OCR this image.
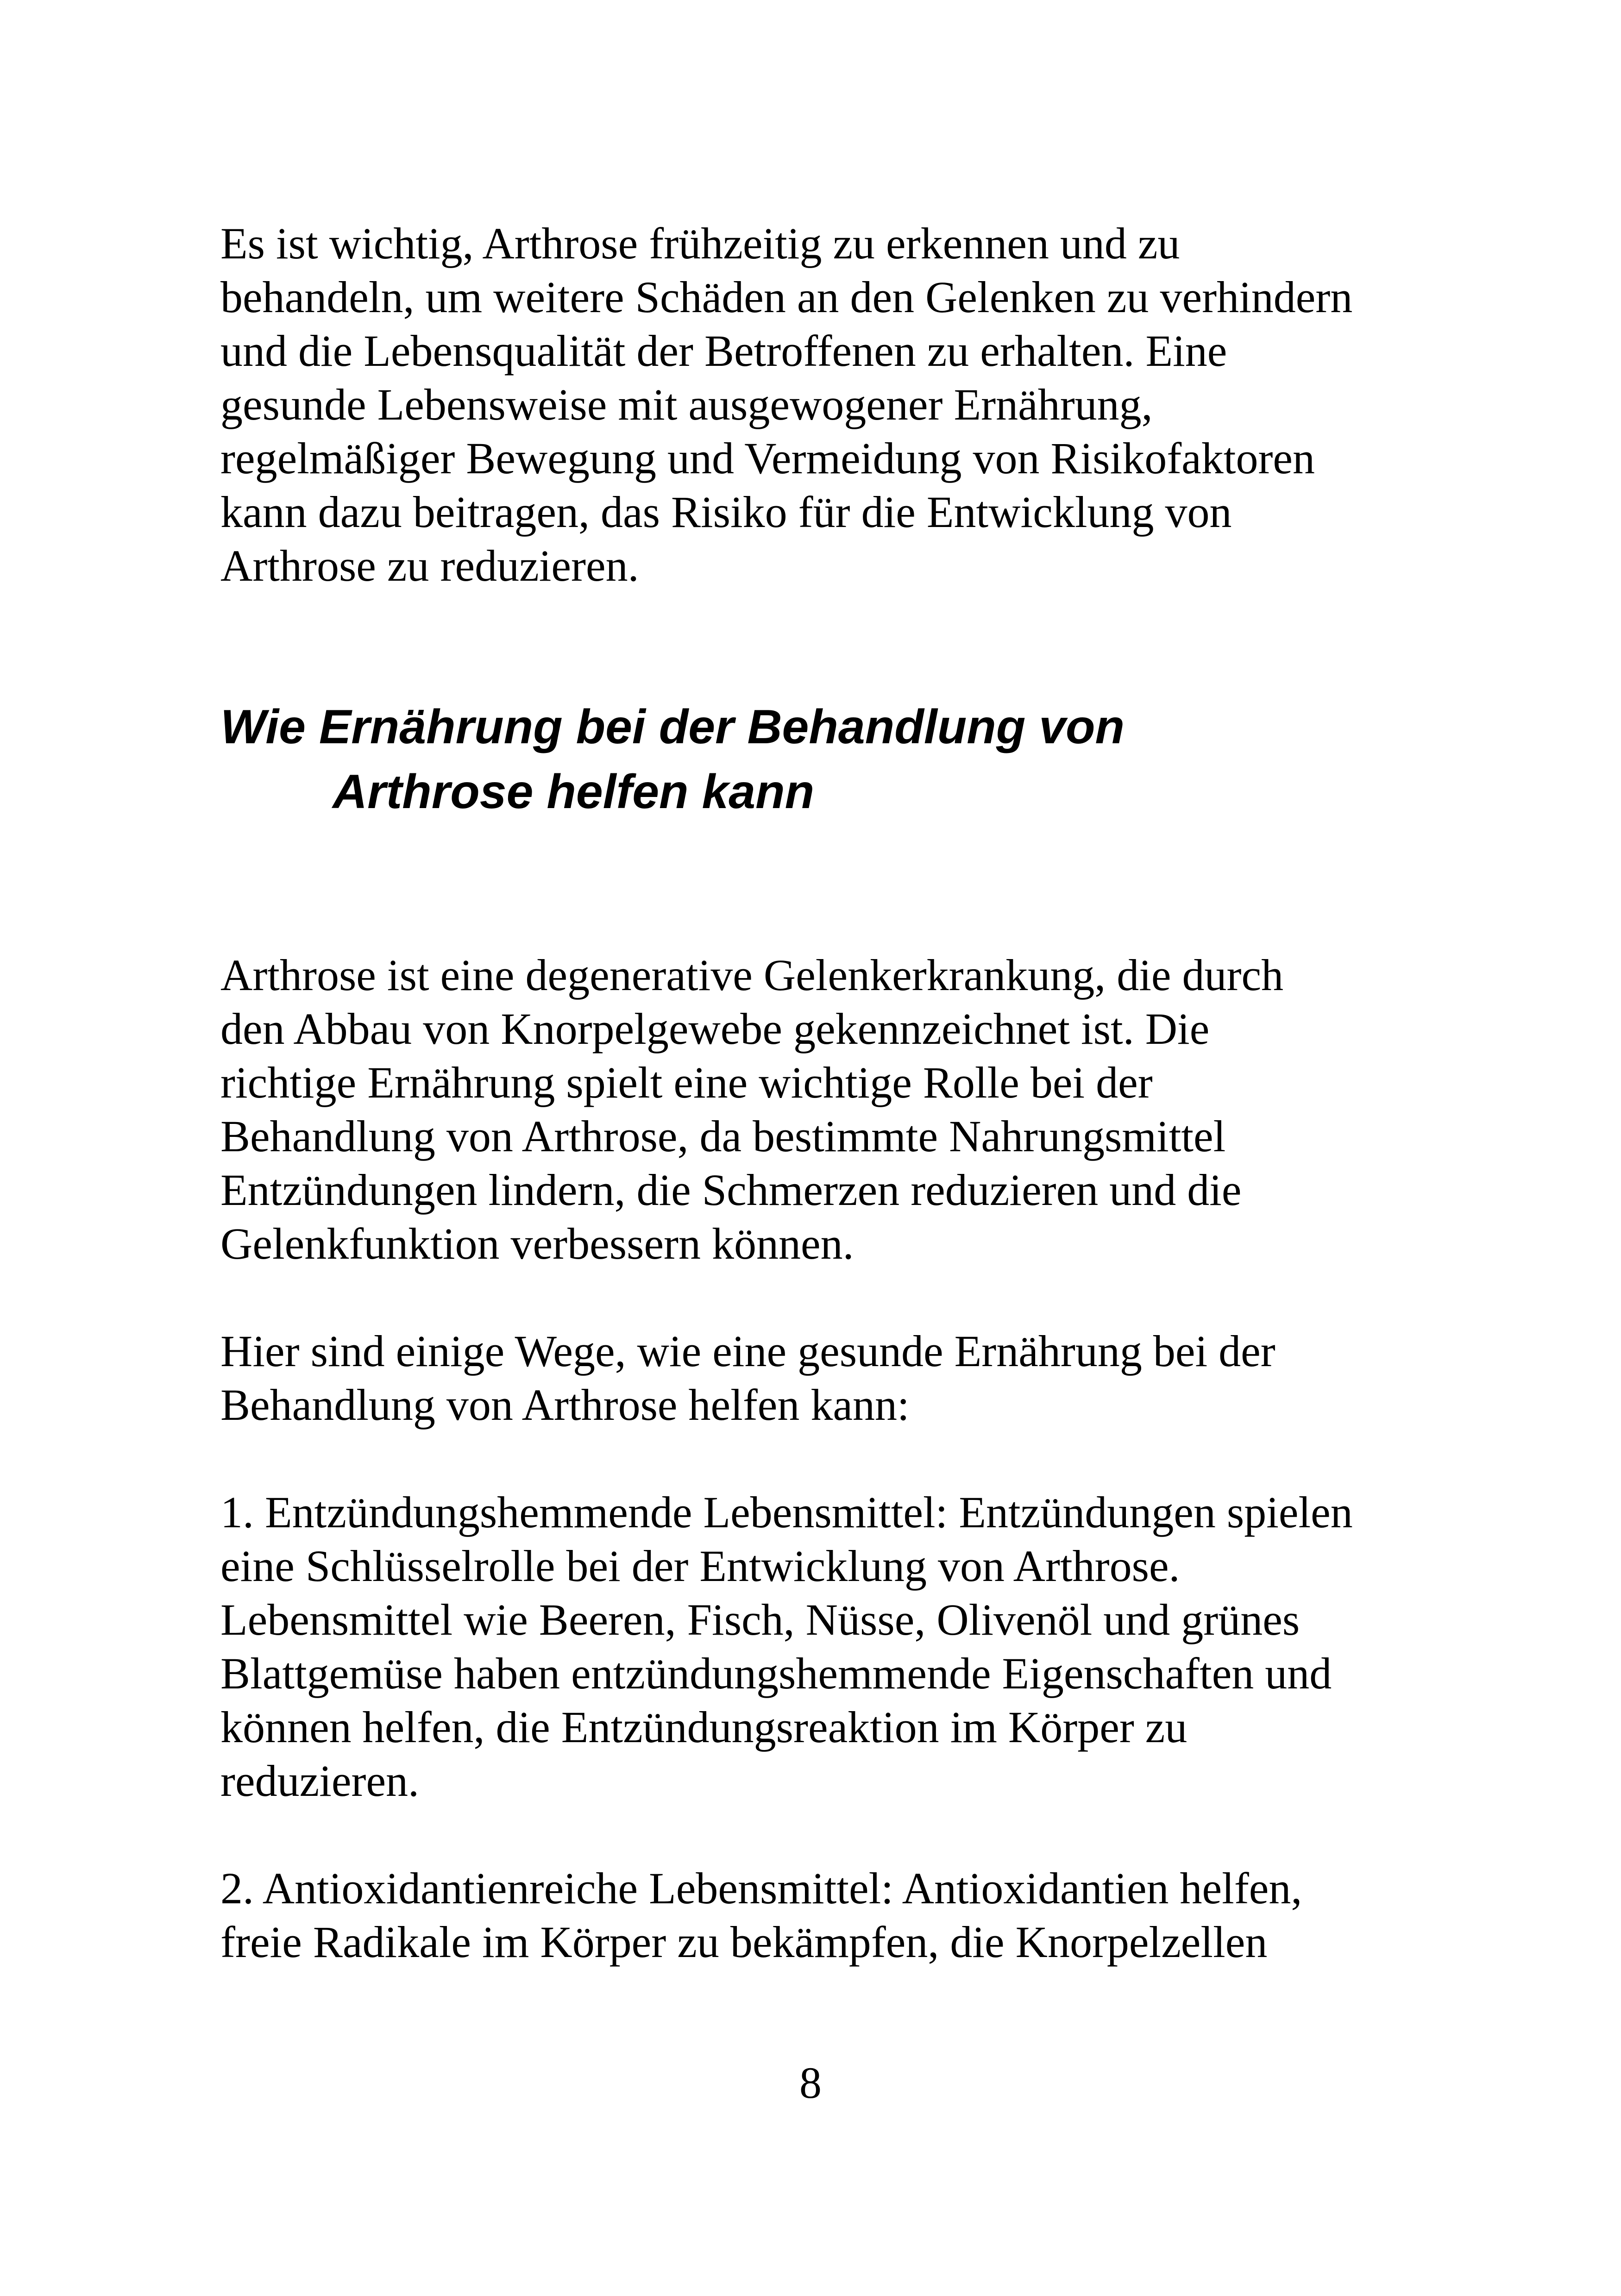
Es ist wichtig, Arthrose frühzeitig zu erkennen und zu

behandeln, um weitere Schäden an den Gelenken zu verhindern

und die Lebensqualität der Betroffenen zu erhalten. Eine

gesunde Lebensweise mit ausgewogener Ernährung,

regelmäßiger Bewegung und Vermeidung von Risikofaktoren

kann dazu beitragen, das Risiko für die Entwicklung von

Arthrose zu reduzieren.

Wie Ernährung bei der Behandlung von

Arthrose helfen kann

Arthrose ist eine degenerative Gelenkerkrankung, die durch

den Abbau von Knorpelgewebe gekennzeichnet ist. Die

richtige Ernährung spielt eine wichtige Rolle bei der

Behandlung von Arthrose, da bestimmte Nahrungsmittel

Entzündungen lindern, die Schmerzen reduzieren und die

Gelenkfunktion verbessern können.

Hier sind einige Wege, wie eine gesunde Ernährung bei der

Behandlung von Arthrose helfen kann:

1. Entzündungshemmende Lebensmittel: Entzündungen spielen

eine Schlüsselrolle bei der Entwicklung von Arthrose.

Lebensmittel wie Beeren, Fisch, Nüsse, Olivenöl und grünes

Blattgemüse haben entzündungshemmende Eigenschaften und

können helfen, die Entzündungsreaktion im Körper zu

reduzieren.

2. Antioxidantienreiche Lebensmittel: Antioxidantien helfen,

freie Radikale im Körper zu bekämpfen, die Knorpelzellen

8
